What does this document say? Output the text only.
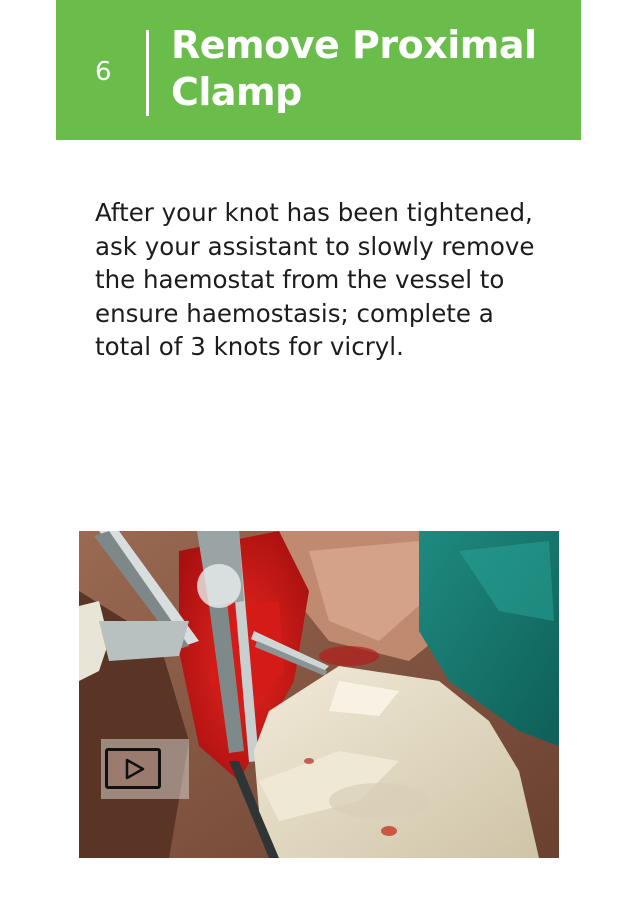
6
Remove Proximal Clamp

After your knot has been tightened, ask your assistant to slowly remove the haemostat from the vessel to ensure haemostasis; complete a total of 3 knots for vicryl.
